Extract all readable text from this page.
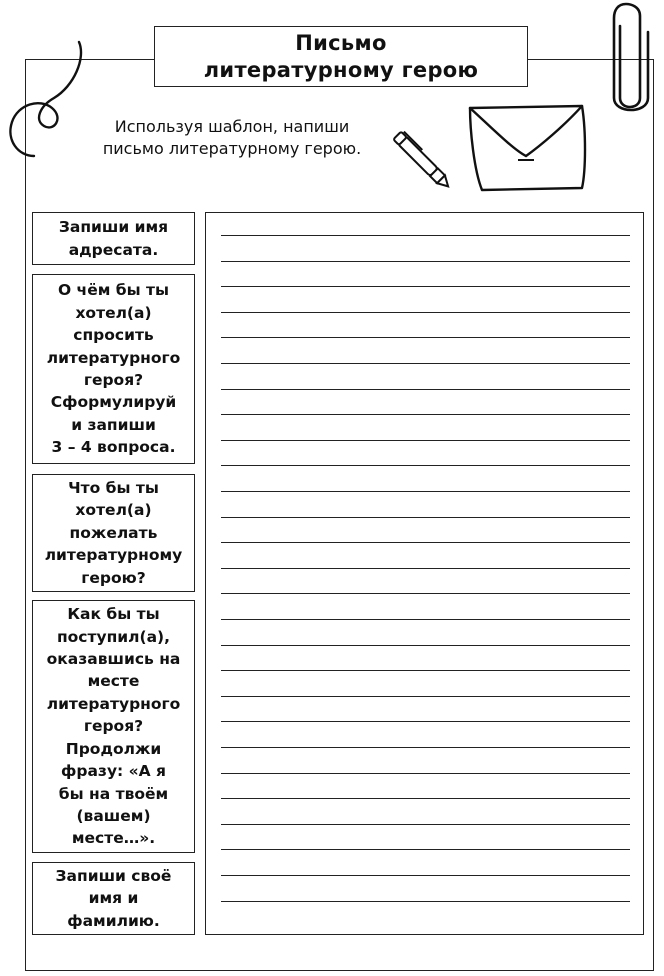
Письмо
литературному герою
Используя шаблон, напиши
письмо литературному герою.
Запиши имя
адресата.
О чём бы ты
хотел(а)
спросить
литературного
героя?
Сформулируй
и запиши
3 – 4 вопроса.
Что бы ты
хотел(а)
пожелать
литературному
герою?
Как бы ты
поступил(а),
оказавшись на
месте
литературного
героя?
Продолжи
фразу: «А я
бы на твоём
(вашем)
месте…».
Запиши своё
имя и
фамилию.
